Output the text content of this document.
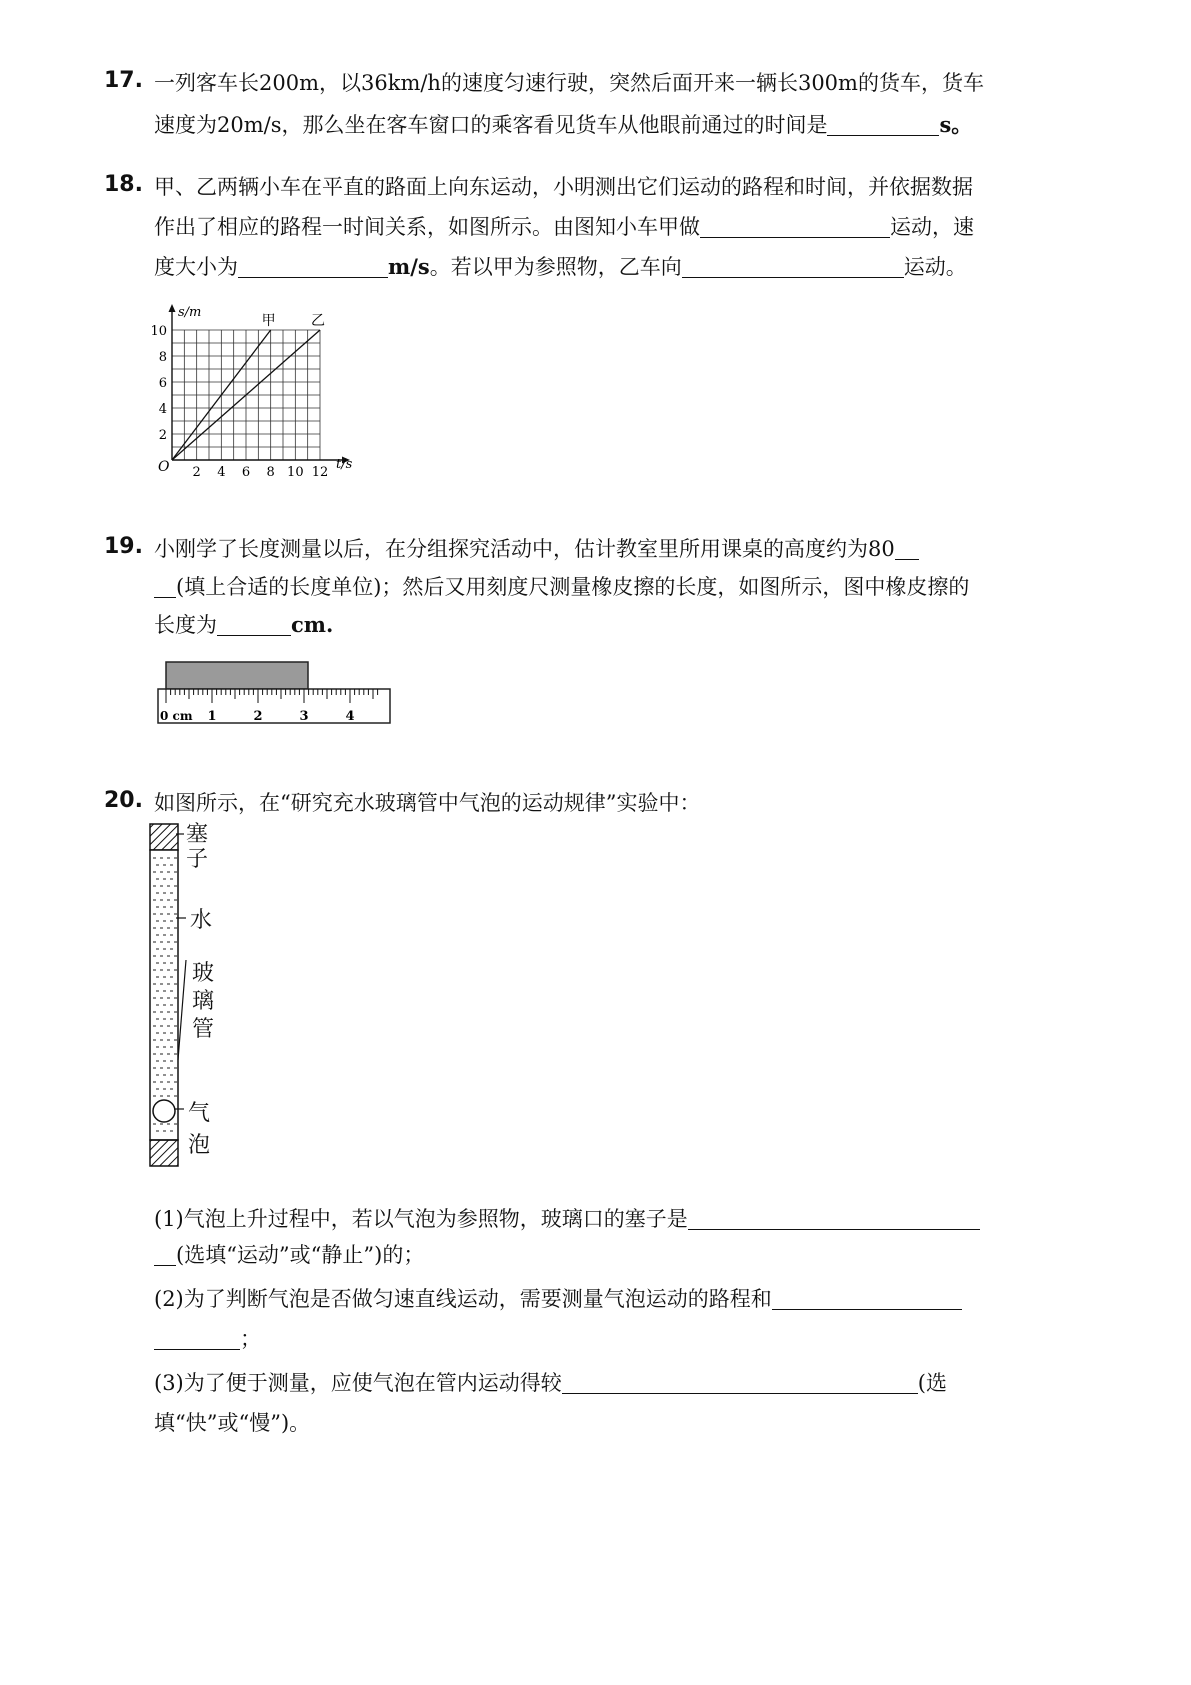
17. 一列客车长200m，以36km/h的速度匀速行驶，突然后面开来一辆长300m的货车，货车
速度为20m/s，那么坐在客车窗口的乘客看见货车从他眼前通过的时间是	s。
18. 甲、乙两辆小车在平直的路面上向东运动，小明测出它们运动的路程和时间，并依据数据
作出了相应的路程一时间关系，如图所示。由图知小车甲做	运动，速
度大小为	m/s。若以甲为参照物，乙车向	运动。
s/m
t/s
O 2 4 6 8 10 12
2
4
6
8
10
甲	乙
19. 小刚学了长度测量以后，在分组探究活动中，估计教室里所用课桌的高度约为80
(填上合适的长度单位)；然后又用刻度尺测量橡皮擦的长度，如图所示，图中橡皮擦的
长度为	cm.
0 cm 1	2	3	4
20. 如图所示，在“研究充水玻璃管中气泡的运动规律”实验中：
塞子
水
玻璃管
气泡
(1)气泡上升过程中，若以气泡为参照物，玻璃口的塞子是
(选填“运动”或“静止”)的；
(2)为了判断气泡是否做匀速直线运动，需要测量气泡运动的路程和
；
(3)为了便于测量，应使气泡在管内运动得较	(选
填“快”或“慢”)。
